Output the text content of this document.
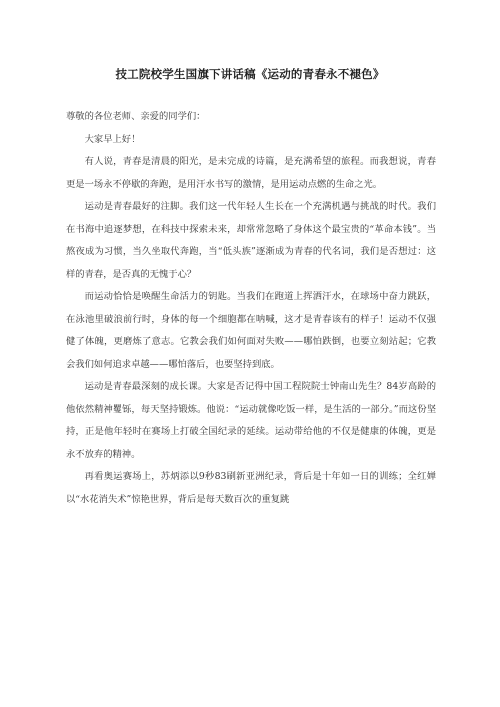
技工院校学生国旗下讲话稿《运动的青春永不褪色》

尊敬的各位老师、亲爱的同学们：

大家早上好！

有人说，青春是清晨的阳光，是未完成的诗篇，是充满希望的旅程。而我想说，青春更是一场永不停歇的奔跑，是用汗水书写的激情，是用运动点燃的生命之光。

运动是青春最好的注脚。我们这一代年轻人生长在一个充满机遇与挑战的时代。我们在书海中追逐梦想，在科技中探索未来，却常常忽略了身体这个最宝贵的“革命本钱”。当熬夜成为习惯，当久坐取代奔跑，当“低头族”逐渐成为青春的代名词，我们是否想过：这样的青春，是否真的无愧于心？

而运动恰恰是唤醒生命活力的钥匙。当我们在跑道上挥洒汗水，在球场中奋力跳跃，在泳池里破浪前行时，身体的每一个细胞都在呐喊，这才是青春该有的样子！运动不仅强健了体魄，更磨炼了意志。它教会我们如何面对失败——哪怕跌倒，也要立刻站起；它教会我们如何追求卓越——哪怕落后，也要坚持到底。

运动是青春最深刻的成长课。大家是否记得中国工程院院士钟南山先生？84岁高龄的他依然精神矍铄，每天坚持锻炼。他说：“运动就像吃饭一样，是生活的一部分。”而这份坚持，正是他年轻时在赛场上打破全国纪录的延续。运动带给他的不仅是健康的体魄，更是永不放弃的精神。

再看奥运赛场上，苏炳添以9秒83刷新亚洲纪录，背后是十年如一日的训练；全红婵以“水花消失术”惊艳世界，背后是每天数百次的重复跳
